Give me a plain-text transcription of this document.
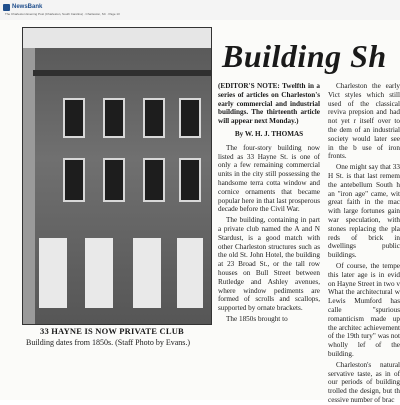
NewsBank
The Charleston Evening Post (Charleston, South Carolina) · Charleston, SC · Page 13
33 HAYNE IS NOW PRIVATE CLUB
Building dates from 1850s. (Staff Photo by Evans.)
Building Sh

(EDITOR'S NOTE: Twelfth in a series of articles on Charleston's early commercial and industrial buildings. The thirteenth article will appear next Monday.)

By W. H. J. THOMAS

The four-story building now listed as 33 Hayne St. is one of only a few remaining commercial units in the city still possessing the handsome terra cotta window and cornice ornaments that became popular here in that last prosperous decade before the Civil War.

The building, containing in part a private club named the A and N Stardust, is a good match with other Charleston structures such as the old St. John Hotel, the building at 23 Broad St., or the tall row houses on Bull Street between Rutledge and Ashley avenues, where window pediments are formed of scrolls and scallops, supported by ornate brackets.

The 1850s brought to

Charleston the early Vict styles which still used of the classical reviva prepsion and had not yet r itself over to the dem of an industrial society would later see in the b use of iron fronts.

One might say that 33 H St. is that last remem the antebellum South h an "iron age" came, wit great faith in the mac with large fortunes gain war speculation, with stones replacing the pla reds of brick in dwellings public buildings.

Of course, the tempe this later age is in evid on Hayne Street in two v What the architectural w Lewis Mumford has calle "spurious romanticism made up the architec achievement of the 19th tury" was not wholly lef of the building.

Charleston's natural servative taste, as in of our periods of building trolled the design, but th cessive number of brac
